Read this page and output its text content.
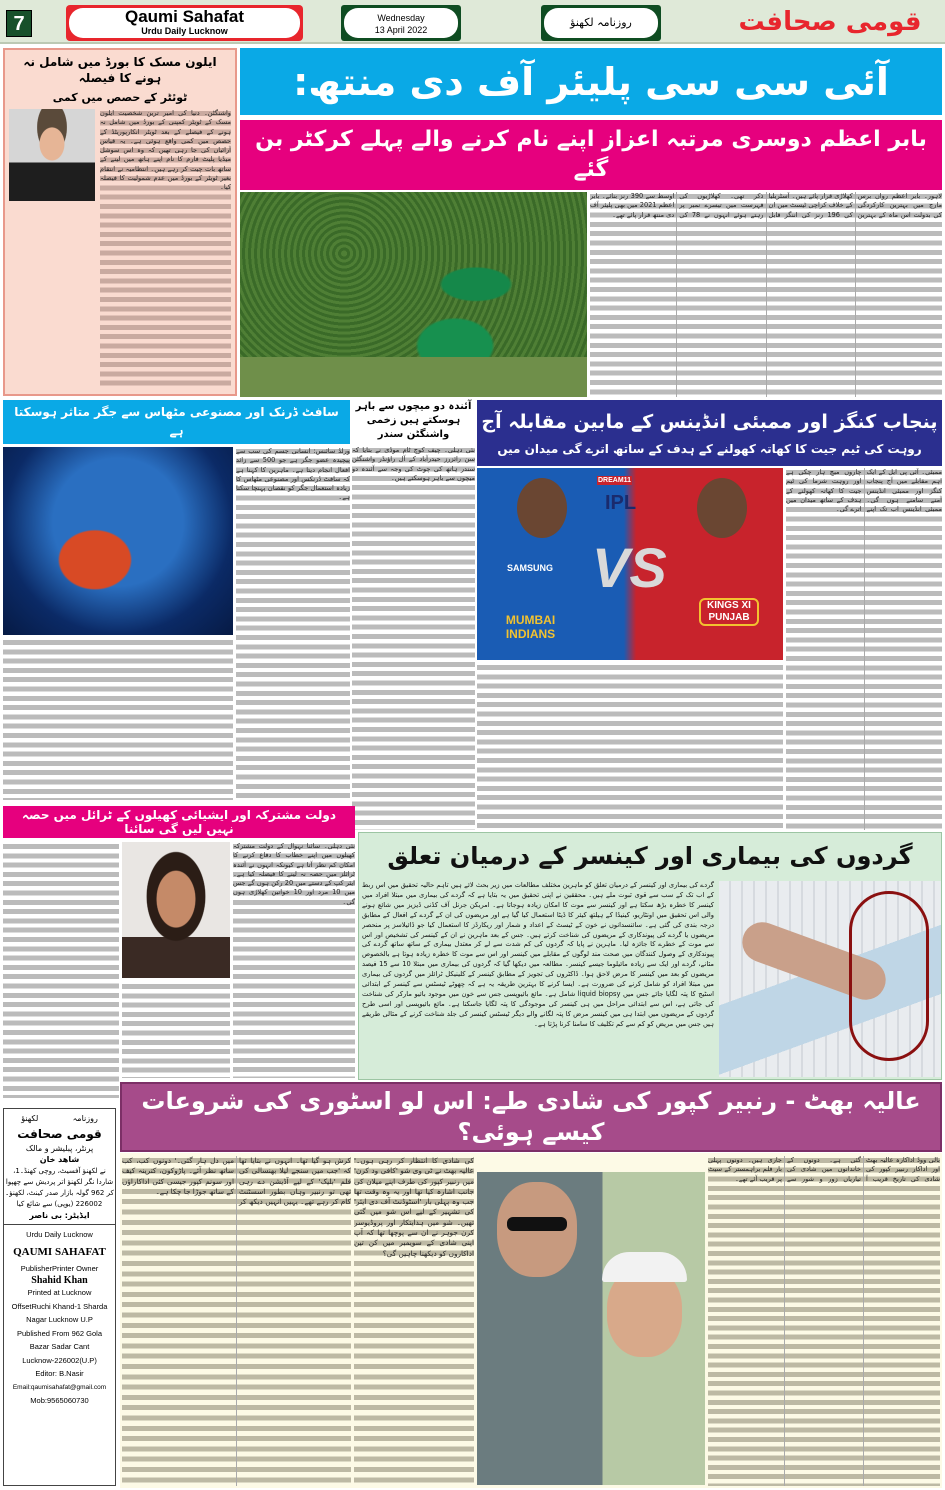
7	Qaumi Sahafat
Urdu Daily Lucknow
Wednesday
13 April 2022
روزنامہ لکھنؤ	قومی صحافت
ایلون مسک کا بورڈ میں شامل نہ ہونے کا فیصلہ
ٹوئٹر کے حصص میں کمی
واشنگٹن۔ دنیا کی امیر ترین شخصیت ایلون مسک کے ٹویٹر کمپنی کے بورڈ میں شامل نہ ہونے کے فیصلے کے بعد ٹویٹر انکارپوریٹڈ کے حصص میں کمی واقع ہوئی ہے۔ یہ قیاس آرائیاں کی جا رہی تھیں کہ وہ اس سوشل میڈیا پلیٹ فارم کا نام اپنے ہاتھ میں لینے کے ساتھ بات چیت کر رہے ہیں۔ انتظامیہ نے انتقام بغیر ٹویٹر کے بورڈ میں عدم شمولیت کا فیصلہ کیا۔
آئی سی سی پلیئر آف دی منتھ:
بابر اعظم دوسری مرتبہ اعزاز اپنے نام کرنے والے پہلے کرکٹر بن گئے
لاہور۔ بابر اعظم رواں برس مارچ میں بہترین کارکردگی کی بدولت اس ماہ کے بہترین کھلاڑی قرار پائے ہیں۔ آسٹریلیا کے خلاف کراچی ٹیسٹ میں ان کی 196 رنز کی اننگز قابل ذکر تھی۔ کھلاڑیوں کی فہرست میں تیسرے نمبر پر رہتے ہوئے انہوں نے 78 کی اوسط سے 390 رنز بنائے۔ بابر اعظم 2021 میں بھی پلیئر آف دی منتھ قرار پائے تھے۔
سافٹ ڈرنک اور مصنوعی مٹھاس سے جگر متاثر ہوسکتا ہے
ورلڈ سائنس: انسانی جسم کی سب سے پیچیدہ عضو جگر ہے جو 500 سے زائد افعال انجام دیتا ہے۔ ماہرین کا کہنا ہے کہ سافٹ ڈرنکس اور مصنوعی مٹھاس کا زیادہ استعمال جگر کو نقصان پہنچا سکتا ہے۔
آئندہ دو میچوں سے باہر ہوسکتے ہیں زخمی واشنگٹن سندر
نئی دہلی۔ چیف کوچ ٹام موڈی نے بتایا کہ سن رائزرز حیدرآباد کے آل راؤنڈر واشنگٹن سندر ہاتھ کی چوٹ کی وجہ سے آئندہ دو میچوں سے باہر ہوسکتے ہیں۔
پنجاب کنگز اور ممبئی انڈینس کے مابین مقابلہ آج
روہت کی ٹیم جیت کا کھاتہ کھولنے کے ہدف کے ساتھ اترے گی میدان میں
DREAM11
IPL
VS
SAMSUNG
MUMBAI INDIANS
KINGS XI PUNJAB
ممبئی۔ آئی پی ایل کے ایک اہم مقابلے میں آج پنجاب کنگز اور ممبئی انڈینس آمنے سامنے ہوں گی۔ ممبئی انڈینس اب تک اپنے چاروں میچ ہار چکی ہے اور روہت شرما کی ٹیم جیت کا کھاتہ کھولنے کے ہدف کے ساتھ میدان میں اترے گی۔
دولت مشترکہ اور ایشیائی کھیلوں کے ٹرائل میں حصہ نہیں لیں گی سائنا
نئی دہلی۔ سائنا نہوال کے دولت مشترکہ کھیلوں میں اپنے خطاب کا دفاع کرنے کا امکان کم نظر آتا ہے کیونکہ انہوں نے آئندہ ٹرائلز میں حصہ نہ لینے کا فیصلہ کیا ہے۔ ایئر کپ کے دستے میں 20 رکن ہوں گے جس میں 10 مرد اور 10 خواتین کھلاڑی ہوں گی۔
گردوں کی بیماری اور کینسر کے درمیان تعلق
گردے کی بیماری اور کینسر کے درمیان تعلق کو ماہرین مختلف مطالعات میں زیر بحث لائے ہیں تاہم حالیہ تحقیق میں اس ربط کے اب تک کے سب سے قوی ثبوت ملے ہیں۔ محققین نے اپنی تحقیق میں یہ بتایا ہے کہ گردے کی بیماری میں مبتلا افراد میں کینسر کا خطرہ بڑھ سکتا ہے اور کینسر سے موت کا امکان زیادہ ہوجاتا ہے۔ امریکن جرنل آف کڈنی ڈیزیز میں شائع ہونے والی اس تحقیق میں اونٹاریو، کینیڈا کے ہیلتھ کیئر کا ڈیٹا استعمال کیا گیا ہے اور مریضوں کی ان کے گردے کے افعال کے مطابق درجہ بندی کی گئی ہے۔ سائنسدانوں نے خون کے ٹیسٹ کے اعداد و شمار اور ریکارڈز کا استعمال کیا جو ڈائیلاسز پر منحصر مریضوں یا گردے کی پیوندکاری کے مریضوں کی شناخت کرتے ہیں۔ جس کے بعد ماہرین نے ان کے کینسر کی تشخیص اور اس سے موت کے خطرے کا جائزہ لیا۔ ماہرین نے پایا کہ گردوں کی کم شدت سے لے کر معتدل بیماری کے ساتھ ساتھ گردے کی پیوندکاری کے وصول کنندگان میں صحت مند لوگوں کے مقابلے میں کینسر اور اس سے موت کا خطرہ زیادہ ہوتا ہے بالخصوص مثانے، گردے اور ایک سے زیادہ مائیلوما جیسے کینسر۔ مطالعہ میں دیکھا گیا کہ گردوں کی بیماری میں مبتلا 10 سے 15 فیصد مریضوں کو بعد میں کینسر کا مرض لاحق ہوا۔ ڈاکٹروں کی تجویز کے مطابق کینسر کے کلینیکل ٹرائلز میں گردوں کی بیماری میں مبتلا افراد کو شامل کرنے کی ضرورت ہے۔ ایسا کرنے کا بہترین طریقہ یہ ہے کہ چھوٹے ٹیسٹس سے کینسر کے ابتدائی اسٹیج کا پتہ لگایا جائے جس میں liquid biopsy شامل ہے۔ مائع بائیوپسی جس سے خون میں موجود بائیو مارکر کی شناخت کی جاتی ہے، اس سے ابتدائی مراحل میں ہی کینسر کی موجودگی کا پتہ لگایا جاسکتا ہے۔ مائع بائیوپسی اور اسی طرح گردوں کے مریضوں میں ابتدا ہی میں کینسر مرض کا پتہ لگانے والے دیگر ٹیسٹس کینسر کی جلد شناخت کرنے کے مثالی طریقے ہیں جس میں مریض کو کم سے کم تکلیف کا سامنا کرنا پڑتا ہے۔
روزنامہ
لکھنؤ
قومی صحافت
پرنٹر، پبلیشر و مالک
شاھد خان
نے لکھنؤ آفسیٹ، روچی کھنڈ۔1، شاردا نگر لکھنؤ اتر پردیش سے چھپوا کر 962 گولہ بازار صدر کینٹ، لکھنؤ۔ 226002 (یوپی) سے شائع کیا
ایڈیٹر: بی ناصر
Urdu Daily Lucknow
QAUMI SAHAFAT
PublisherPrinter Owner
Shahid Khan
Printed at Lucknow
OffsetRuchi Khand-1 Sharda
Nagar Lucknow U.P
Published From 962 Gola
Bazar Sadar Cant
Lucknow-226002(U.P)
Editor: B.Nasir
Email:qaumisahafat@gmail.com
Mob:9565060730
عالیہ بھٹ - رنبیر کپور کی شادی طے: اس لو اسٹوری کی شروعات کیسے ہوئی؟
بالی ووڈ اداکارہ عالیہ بھٹ اور اداکار رنبیر کپور کی شادی کی تاریخ قریب آ گئی ہے۔ دونوں کے خاندانوں میں شادی کی تیاریاں زور و شور سے جاری ہیں۔ دونوں پہلی بار فلم براہمستر کے سیٹ پر قریب آئے تھے۔
کی شادی کا انتظار کر رہی ہوں۔' عالیہ بھٹ نے ٹی وی شو 'کافی ود کرن' میں رنبیر کپور کی طرف اپنے میلان کی جانب اشارہ کیا تھا اور یہ وہ وقت تھا جب وہ پہلی بار 'اسٹوڈنٹ آف دی ایئر' کی تشہیر کے لیے اس شو میں گئی تھیں۔ شو میں ہدایتکار اور پروڈیوسر کرن جوہر نے ان سے پوچھا تھا کہ آپ اپنی شادی کے سویمبر میں کن تین اداکاروں کو دیکھنا چاہیں گی؟
کرش ہو گیا تھا۔ انہوں نے بتایا تھا کہ 'جب میں سنجے لیلا بھنسالی کی فلم 'بلیک' کے لیے آڈیشن دے رہی تھی تو رنبیر وہاں بطور اسسٹنٹ کام کر رہے تھے۔ یہیں انہیں دیکھ کر میں دل ہار گئی۔' دونوں کب، کب ساتھ نظر آئے۔ پاڑوکون، کترینہ کیف اور سونم کپور جیسی کئی اداکاراؤں کے ساتھ جوڑا جا چکا ہے۔
